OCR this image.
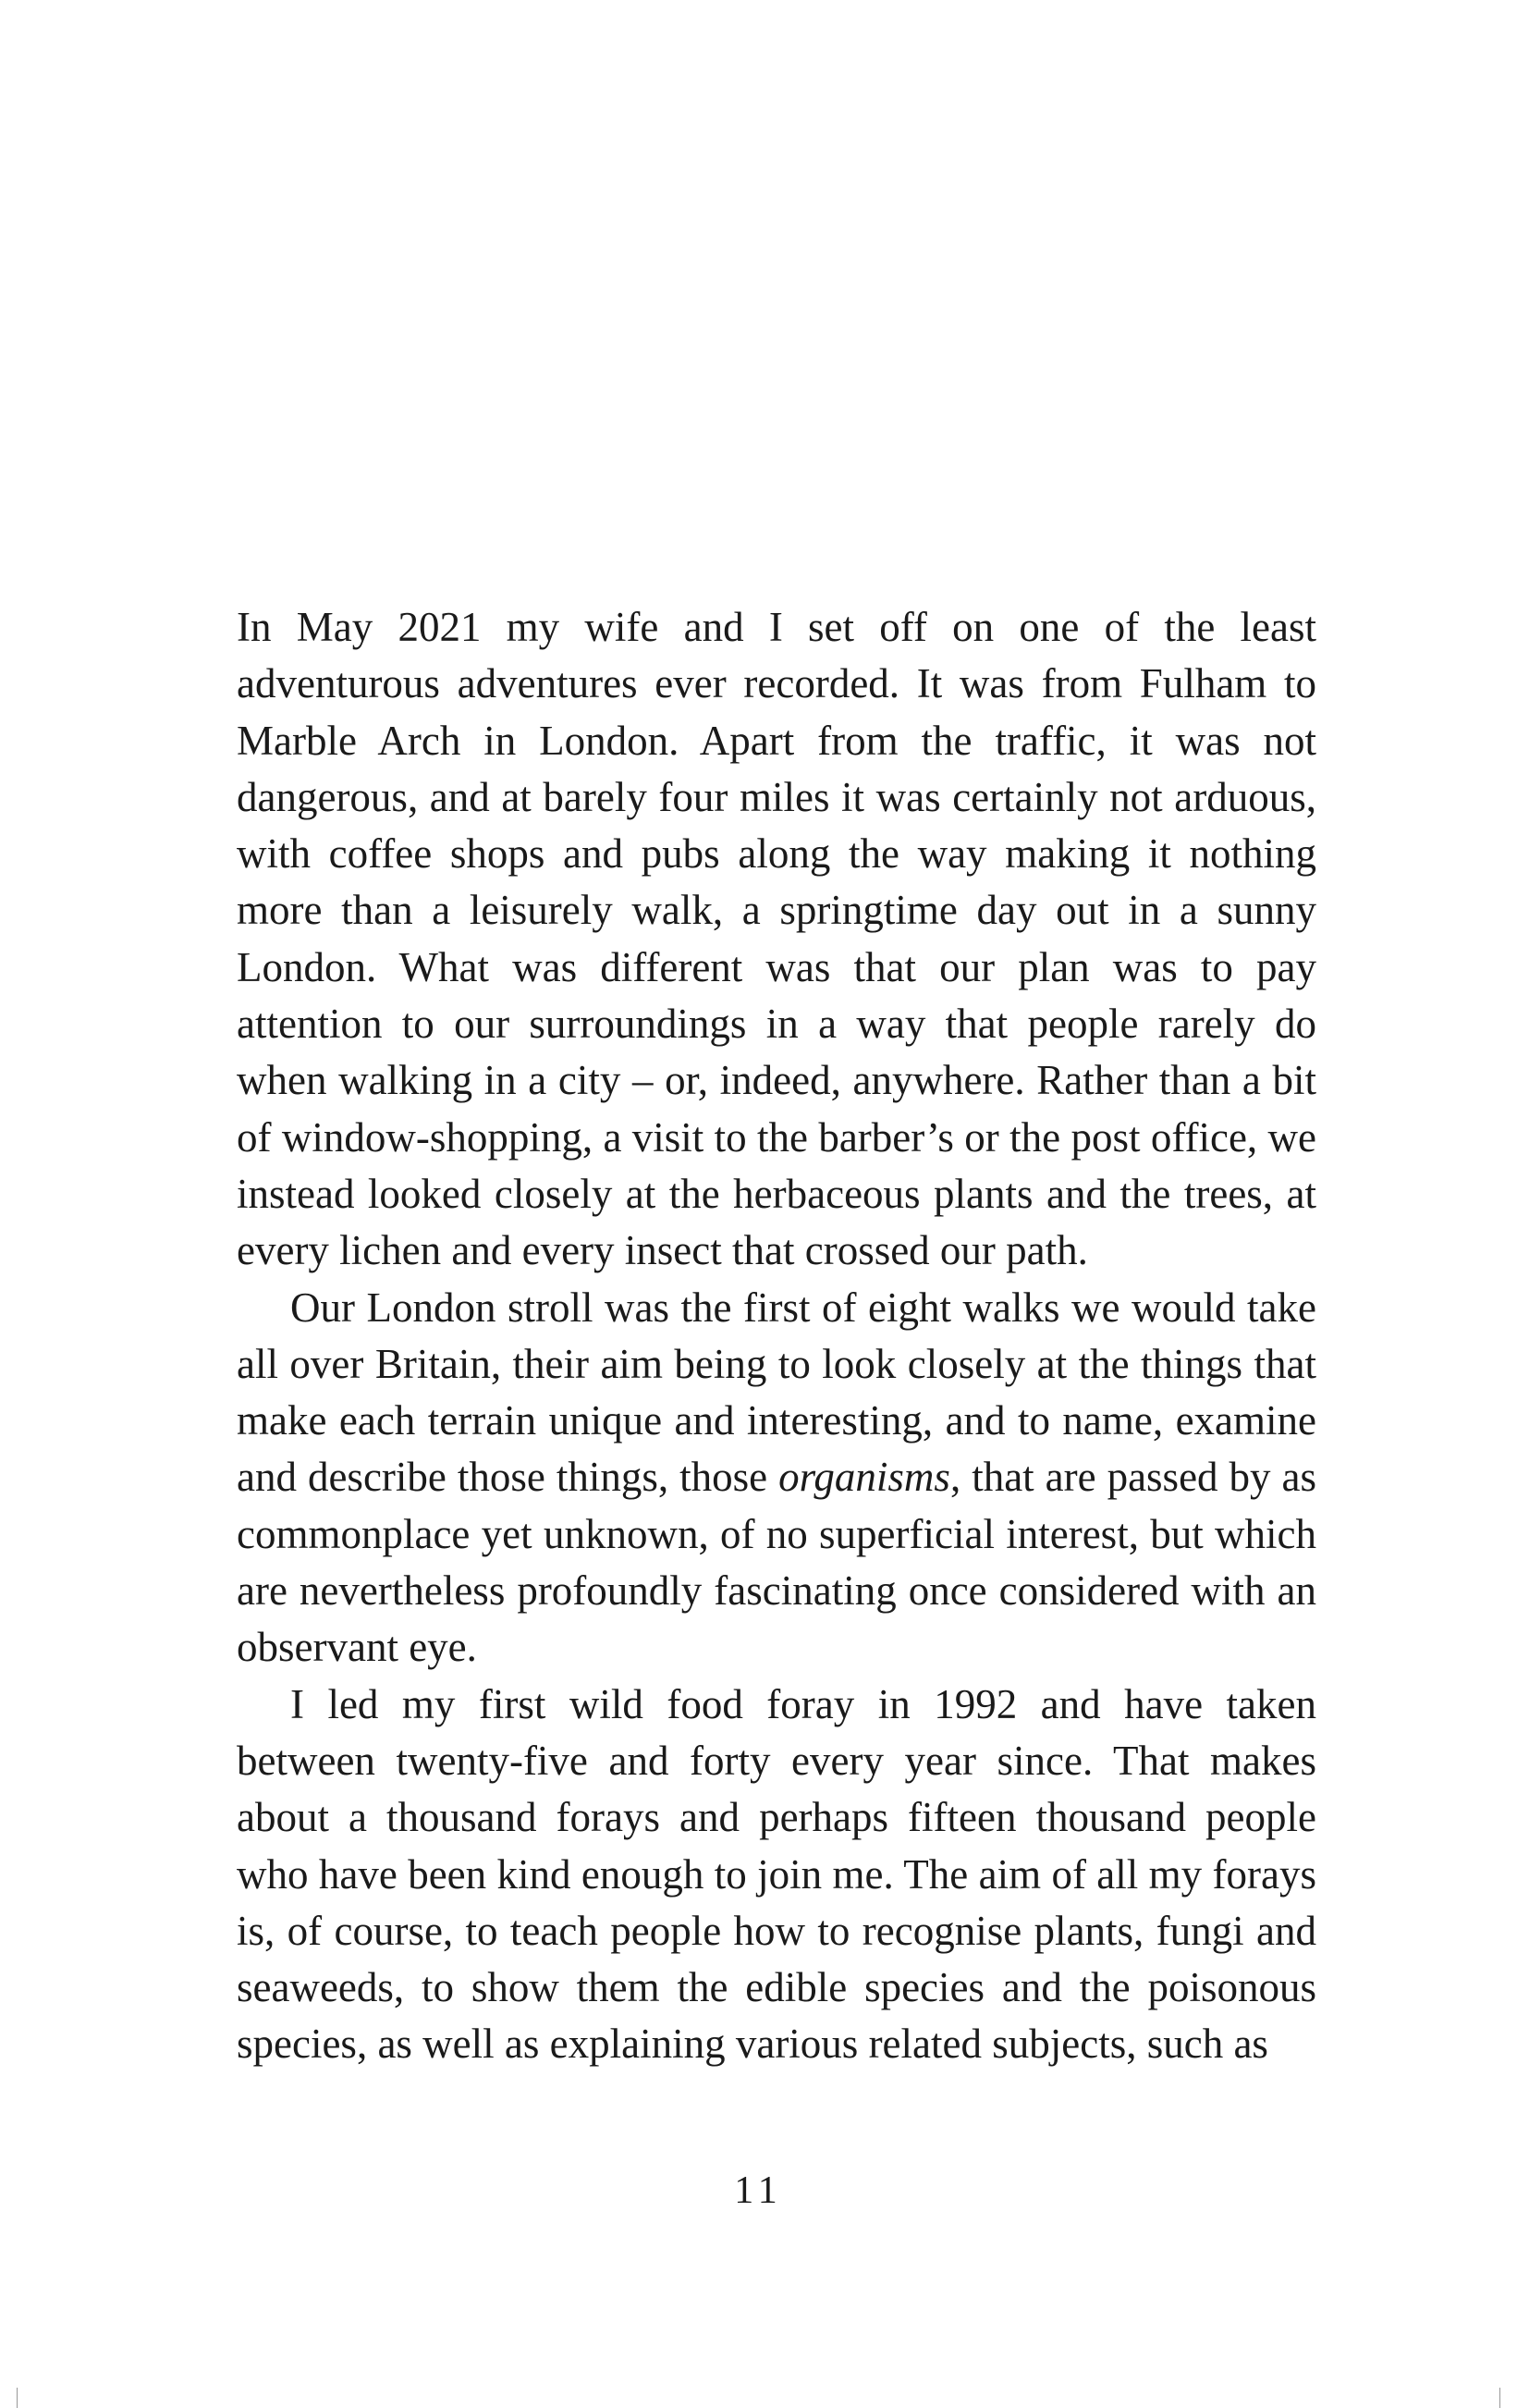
In May 2021 my wife and I set off on one of the least adventurous adventures ever recorded. It was from Fulham to Marble Arch in London. Apart from the traffic, it was not dangerous, and at barely four miles it was certainly not arduous, with coffee shops and pubs along the way making it nothing more than a leisurely walk, a springtime day out in a sunny London. What was different was that our plan was to pay attention to our surroundings in a way that people rarely do when walking in a city – or, indeed, anywhere. Rather than a bit of window-shopping, a visit to the barber’s or the post office, we instead looked closely at the herbaceous plants and the trees, at every lichen and every insect that crossed our path.

Our London stroll was the first of eight walks we would take all over Britain, their aim being to look closely at the things that make each terrain unique and interesting, and to name, examine and describe those things, those organisms, that are passed by as commonplace yet unknown, of no superficial interest, but which are nevertheless profoundly fascinating once considered with an observant eye.

I led my first wild food foray in 1992 and have taken between twenty-five and forty every year since. That makes about a thousand forays and perhaps fifteen thousand people who have been kind enough to join me. The aim of all my forays is, of course, to teach people how to recognise plants, fungi and seaweeds, to show them the edible species and the poisonous species, as well as explaining various related subjects, such as

11
